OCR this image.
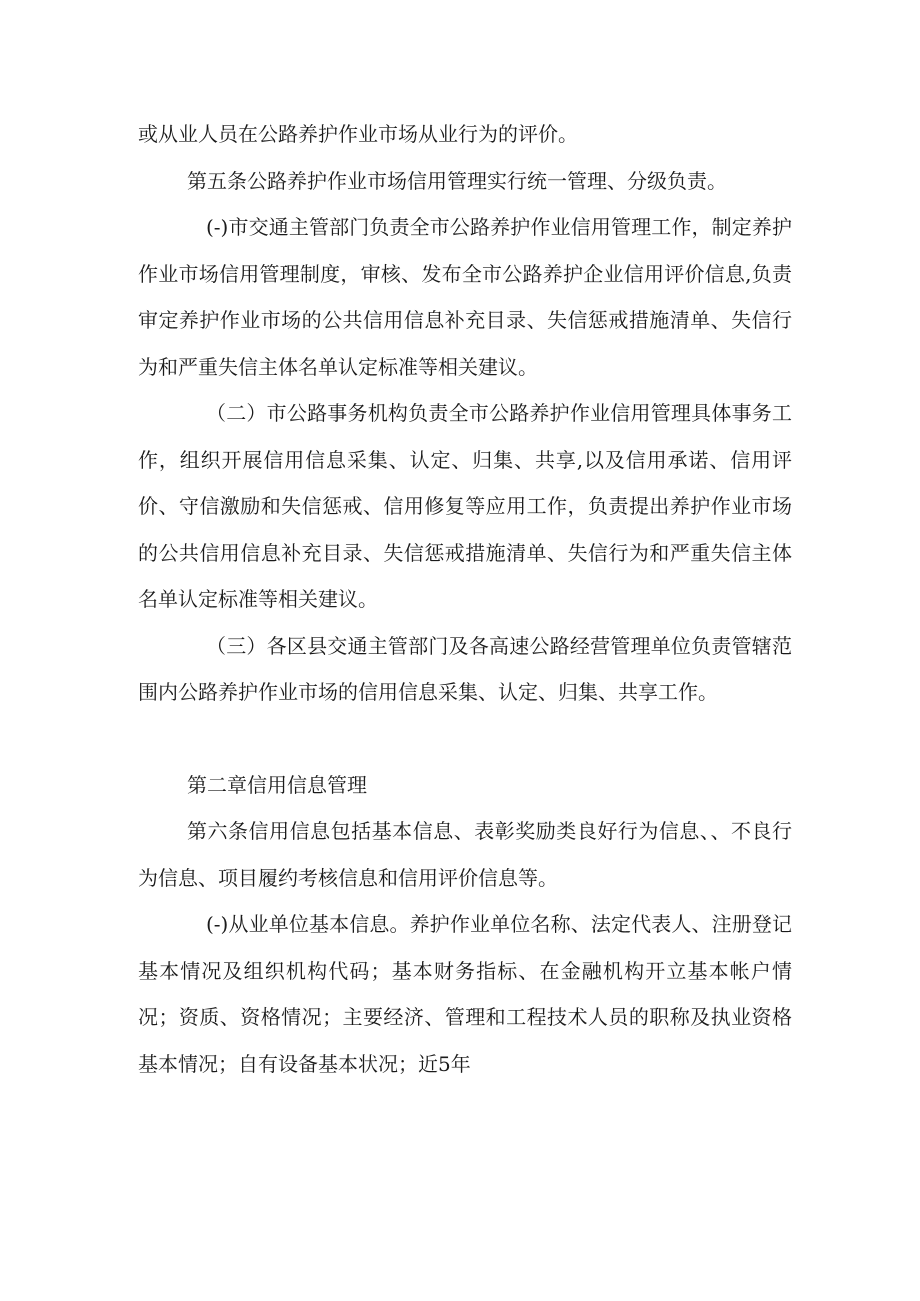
或从业人员在公路养护作业市场从业行为的评价。

第五条公路养护作业市场信用管理实行统一管理、分级负责。

(-)市交通主管部门负责全市公路养护作业信用管理工作，制定养护作业市场信用管理制度，审核、发布全市公路养护企业信用评价信息,负责审定养护作业市场的公共信用信息补充目录、失信惩戒措施清单、失信行为和严重失信主体名单认定标准等相关建议。

（二）市公路事务机构负责全市公路养护作业信用管理具体事务工作，组织开展信用信息采集、认定、归集、共享,以及信用承诺、信用评价、守信激励和失信惩戒、信用修复等应用工作，负责提出养护作业市场的公共信用信息补充目录、失信惩戒措施清单、失信行为和严重失信主体名单认定标准等相关建议。

（三）各区县交通主管部门及各高速公路经营管理单位负责管辖范围内公路养护作业市场的信用信息采集、认定、归集、共享工作。

第二章信用信息管理

第六条信用信息包括基本信息、表彰奖励类良好行为信息、、不良行为信息、项目履约考核信息和信用评价信息等。

(-)从业单位基本信息。养护作业单位名称、法定代表人、注册登记基本情况及组织机构代码；基本财务指标、在金融机构开立基本帐户情况；资质、资格情况；主要经济、管理和工程技术人员的职称及执业资格基本情况；自有设备基本状况；近5年
